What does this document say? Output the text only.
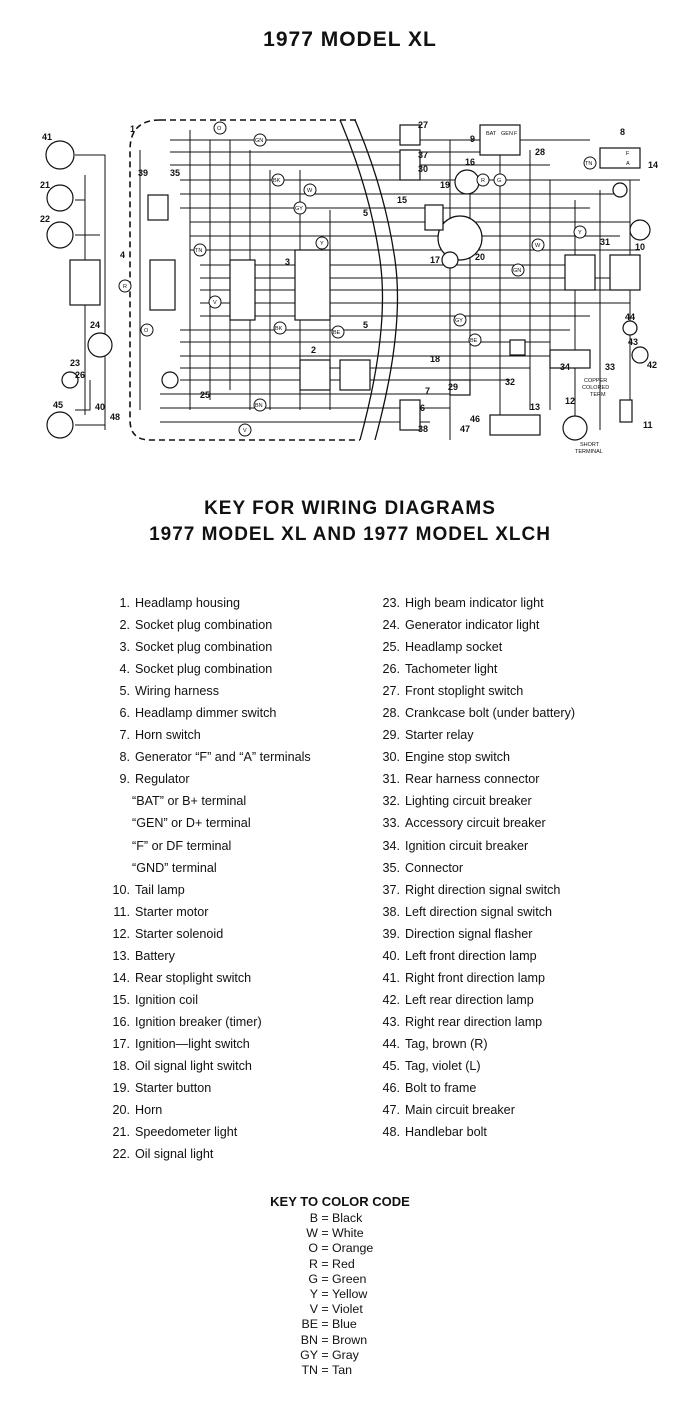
1977 MODEL XL
1
2
3
4
5
5
6
7
8
9
10
11
12
13
14
15
16
17
18
19
20
21
22
23
24
25
26
27
28
29
30
31
32
33
34
35
37
38
39
40
41
42
43
44
45
46
47
48
O
GN
BK
W
GY
TN
V
R
Y
BE
G
BN
O
R
GN
BK
GY
W
Y
TN
V
BE
COPPER
COLORED
TERM
SHORT
TERMINAL
BAT GEN F
F
A
KEY FOR WIRING DIAGRAMS
1977 MODEL XL AND 1977 MODEL XLCH
1. Headlamp housing
2. Socket plug combination
3. Socket plug combination
4. Socket plug combination
5. Wiring harness
6. Headlamp dimmer switch
7. Horn switch
8. Generator “F” and “A” terminals
9. Regulator
“BAT” or B+ terminal
“GEN” or D+ terminal
“F” or DF terminal
“GND” terminal
10. Tail lamp
11. Starter motor
12. Starter solenoid
13. Battery
14. Rear stoplight switch
15. Ignition coil
16. Ignition breaker (timer)
17. Ignition—light switch
18. Oil signal light switch
19. Starter button
20. Horn
21. Speedometer light
22. Oil signal light
23. High beam indicator light
24. Generator indicator light
25. Headlamp socket
26. Tachometer light
27. Front stoplight switch
28. Crankcase bolt (under battery)
29. Starter relay
30. Engine stop switch
31. Rear harness connector
32. Lighting circuit breaker
33. Accessory circuit breaker
34. Ignition circuit breaker
35. Connector
37. Right direction signal switch
38. Left direction signal switch
39. Direction signal flasher
40. Left front direction lamp
41. Right front direction lamp
42. Left rear direction lamp
43. Right rear direction lamp
44. Tag, brown (R)
45. Tag, violet (L)
46. Bolt to frame
47. Main circuit breaker
48. Handlebar bolt
KEY TO COLOR CODE
B = Black
W = White
O = Orange
R = Red
G = Green
Y = Yellow
V = Violet
BE = Blue
BN = Brown
GY = Gray
TN = Tan
